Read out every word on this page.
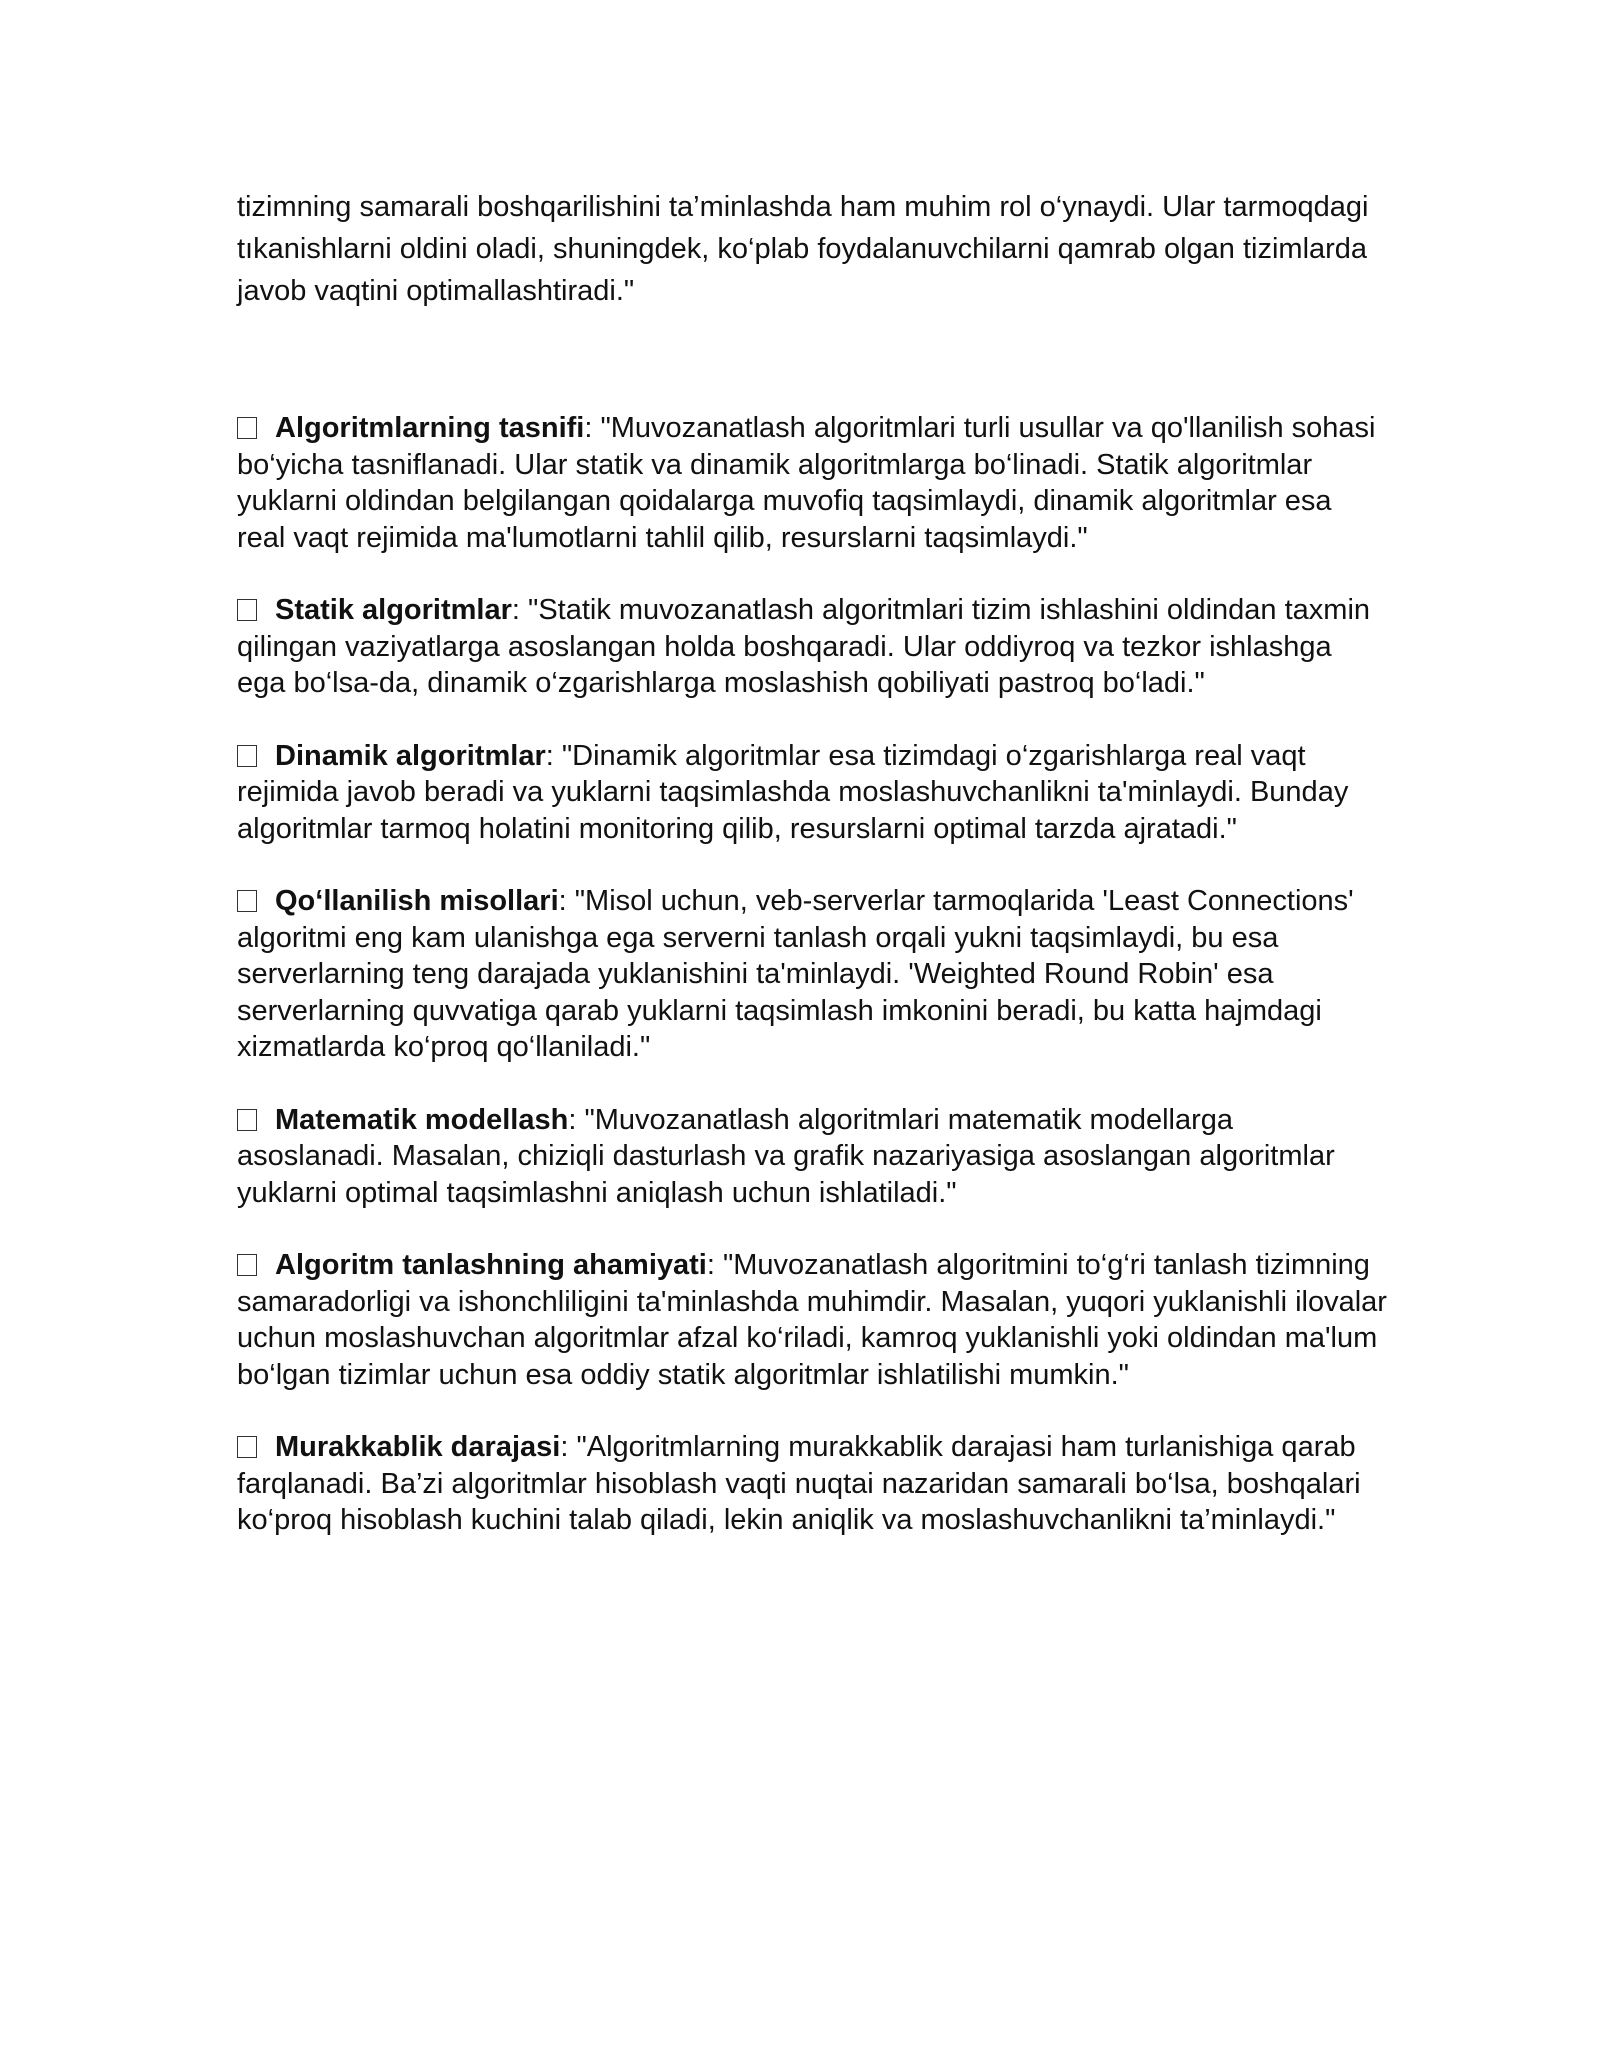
tizimning samarali boshqarilishini ta’minlashda ham muhim rol o‘ynaydi. Ular tarmoqdagi tıkanishlarni oldini oladi, shuningdek, ko‘plab foydalanuvchilarni qamrab olgan tizimlarda javob vaqtini optimallashtiradi."

Algoritmlarning tasnifi: "Muvozanatlash algoritmlari turli usullar va qo'llanilish sohasi bo‘yicha tasniflanadi. Ular statik va dinamik algoritmlarga bo‘linadi. Statik algoritmlar yuklarni oldindan belgilangan qoidalarga muvofiq taqsimlaydi, dinamik algoritmlar esa real vaqt rejimida ma'lumotlarni tahlil qilib, resurslarni taqsimlaydi."

Statik algoritmlar: "Statik muvozanatlash algoritmlari tizim ishlashini oldindan taxmin qilingan vaziyatlarga asoslangan holda boshqaradi. Ular oddiyroq va tezkor ishlashga ega bo‘lsa-da, dinamik o‘zgarishlarga moslashish qobiliyati pastroq bo‘ladi."

Dinamik algoritmlar: "Dinamik algoritmlar esa tizimdagi o‘zgarishlarga real vaqt rejimida javob beradi va yuklarni taqsimlashda moslashuvchanlikni ta'minlaydi. Bunday algoritmlar tarmoq holatini monitoring qilib, resurslarni optimal tarzda ajratadi."

Qo‘llanilish misollari: "Misol uchun, veb-serverlar tarmoqlarida 'Least Connections' algoritmi eng kam ulanishga ega serverni tanlash orqali yukni taqsimlaydi, bu esa serverlarning teng darajada yuklanishini ta'minlaydi. 'Weighted Round Robin' esa serverlarning quvvatiga qarab yuklarni taqsimlash imkonini beradi, bu katta hajmdagi xizmatlarda ko‘proq qo‘llaniladi."

Matematik modellash: "Muvozanatlash algoritmlari matematik modellarga asoslanadi. Masalan, chiziqli dasturlash va grafik nazariyasiga asoslangan algoritmlar yuklarni optimal taqsimlashni aniqlash uchun ishlatiladi."

Algoritm tanlashning ahamiyati: "Muvozanatlash algoritmini to‘g‘ri tanlash tizimning samaradorligi va ishonchliligini ta'minlashda muhimdir. Masalan, yuqori yuklanishli ilovalar uchun moslashuvchan algoritmlar afzal ko‘riladi, kamroq yuklanishli yoki oldindan ma'lum bo‘lgan tizimlar uchun esa oddiy statik algoritmlar ishlatilishi mumkin."

Murakkablik darajasi: "Algoritmlarning murakkablik darajasi ham turlanishiga qarab farqlanadi. Ba’zi algoritmlar hisoblash vaqti nuqtai nazaridan samarali bo‘lsa, boshqalari ko‘proq hisoblash kuchini talab qiladi, lekin aniqlik va moslashuvchanlikni ta’minlaydi."
